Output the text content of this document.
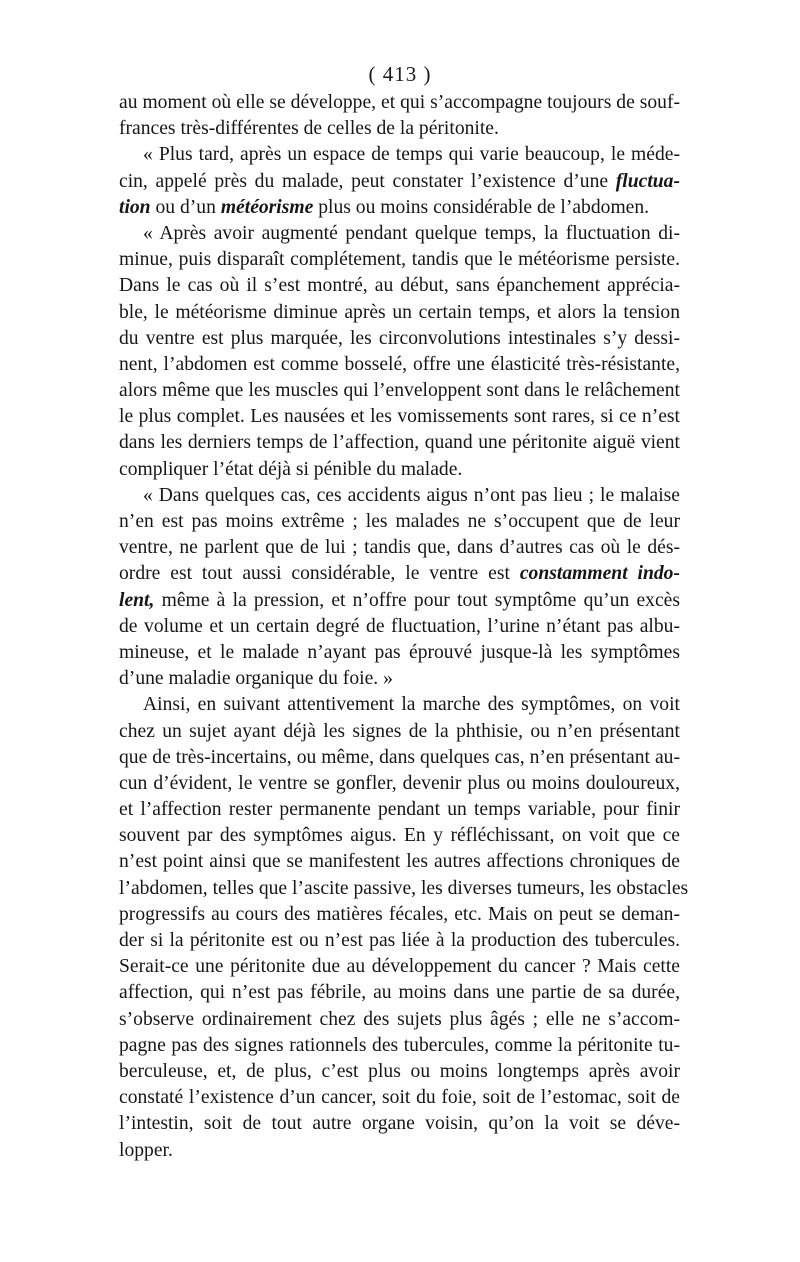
( 413 )
au moment où elle se développe, et qui s’accompagne toujours de souf-
frances très-différentes de celles de la péritonite.
« Plus tard, après un espace de temps qui varie beaucoup, le méde-
cin, appelé près du malade, peut constater l’existence d’une fluctua-
tion ou d’un météorisme plus ou moins considérable de l’abdomen.
« Après avoir augmenté pendant quelque temps, la fluctuation di-
minue, puis disparaît complétement, tandis que le météorisme persiste.
Dans le cas où il s’est montré, au début, sans épanchement apprécia-
ble, le météorisme diminue après un certain temps, et alors la tension
du ventre est plus marquée, les circonvolutions intestinales s’y dessi-
nent, l’abdomen est comme bosselé, offre une élasticité très-résistante,
alors même que les muscles qui l’enveloppent sont dans le relâchement
le plus complet. Les nausées et les vomissements sont rares, si ce n’est
dans les derniers temps de l’affection, quand une péritonite aiguë vient
compliquer l’état déjà si pénible du malade.
« Dans quelques cas, ces accidents aigus n’ont pas lieu ; le malaise
n’en est pas moins extrême ; les malades ne s’occupent que de leur
ventre, ne parlent que de lui ; tandis que, dans d’autres cas où le dés-
ordre est tout aussi considérable, le ventre est constamment indo-
lent, même à la pression, et n’offre pour tout symptôme qu’un excès
de volume et un certain degré de fluctuation, l’urine n’étant pas albu-
mineuse, et le malade n’ayant pas éprouvé jusque-là les symptômes
d’une maladie organique du foie. »
Ainsi, en suivant attentivement la marche des symptômes, on voit
chez un sujet ayant déjà les signes de la phthisie, ou n’en présentant
que de très-incertains, ou même, dans quelques cas, n’en présentant au-
cun d’évident, le ventre se gonfler, devenir plus ou moins douloureux,
et l’affection rester permanente pendant un temps variable, pour finir
souvent par des symptômes aigus. En y réfléchissant, on voit que ce
n’est point ainsi que se manifestent les autres affections chroniques de
l’abdomen, telles que l’ascite passive, les diverses tumeurs, les obstacles
progressifs au cours des matières fécales, etc. Mais on peut se deman-
der si la péritonite est ou n’est pas liée à la production des tubercules.
Serait-ce une péritonite due au développement du cancer ? Mais cette
affection, qui n’est pas fébrile, au moins dans une partie de sa durée,
s’observe ordinairement chez des sujets plus âgés ; elle ne s’accom-
pagne pas des signes rationnels des tubercules, comme la péritonite tu-
berculeuse, et, de plus, c’est plus ou moins longtemps après avoir
constaté l’existence d’un cancer, soit du foie, soit de l’estomac, soit de
l’intestin, soit de tout autre organe voisin, qu’on la voit se déve-
lopper.
